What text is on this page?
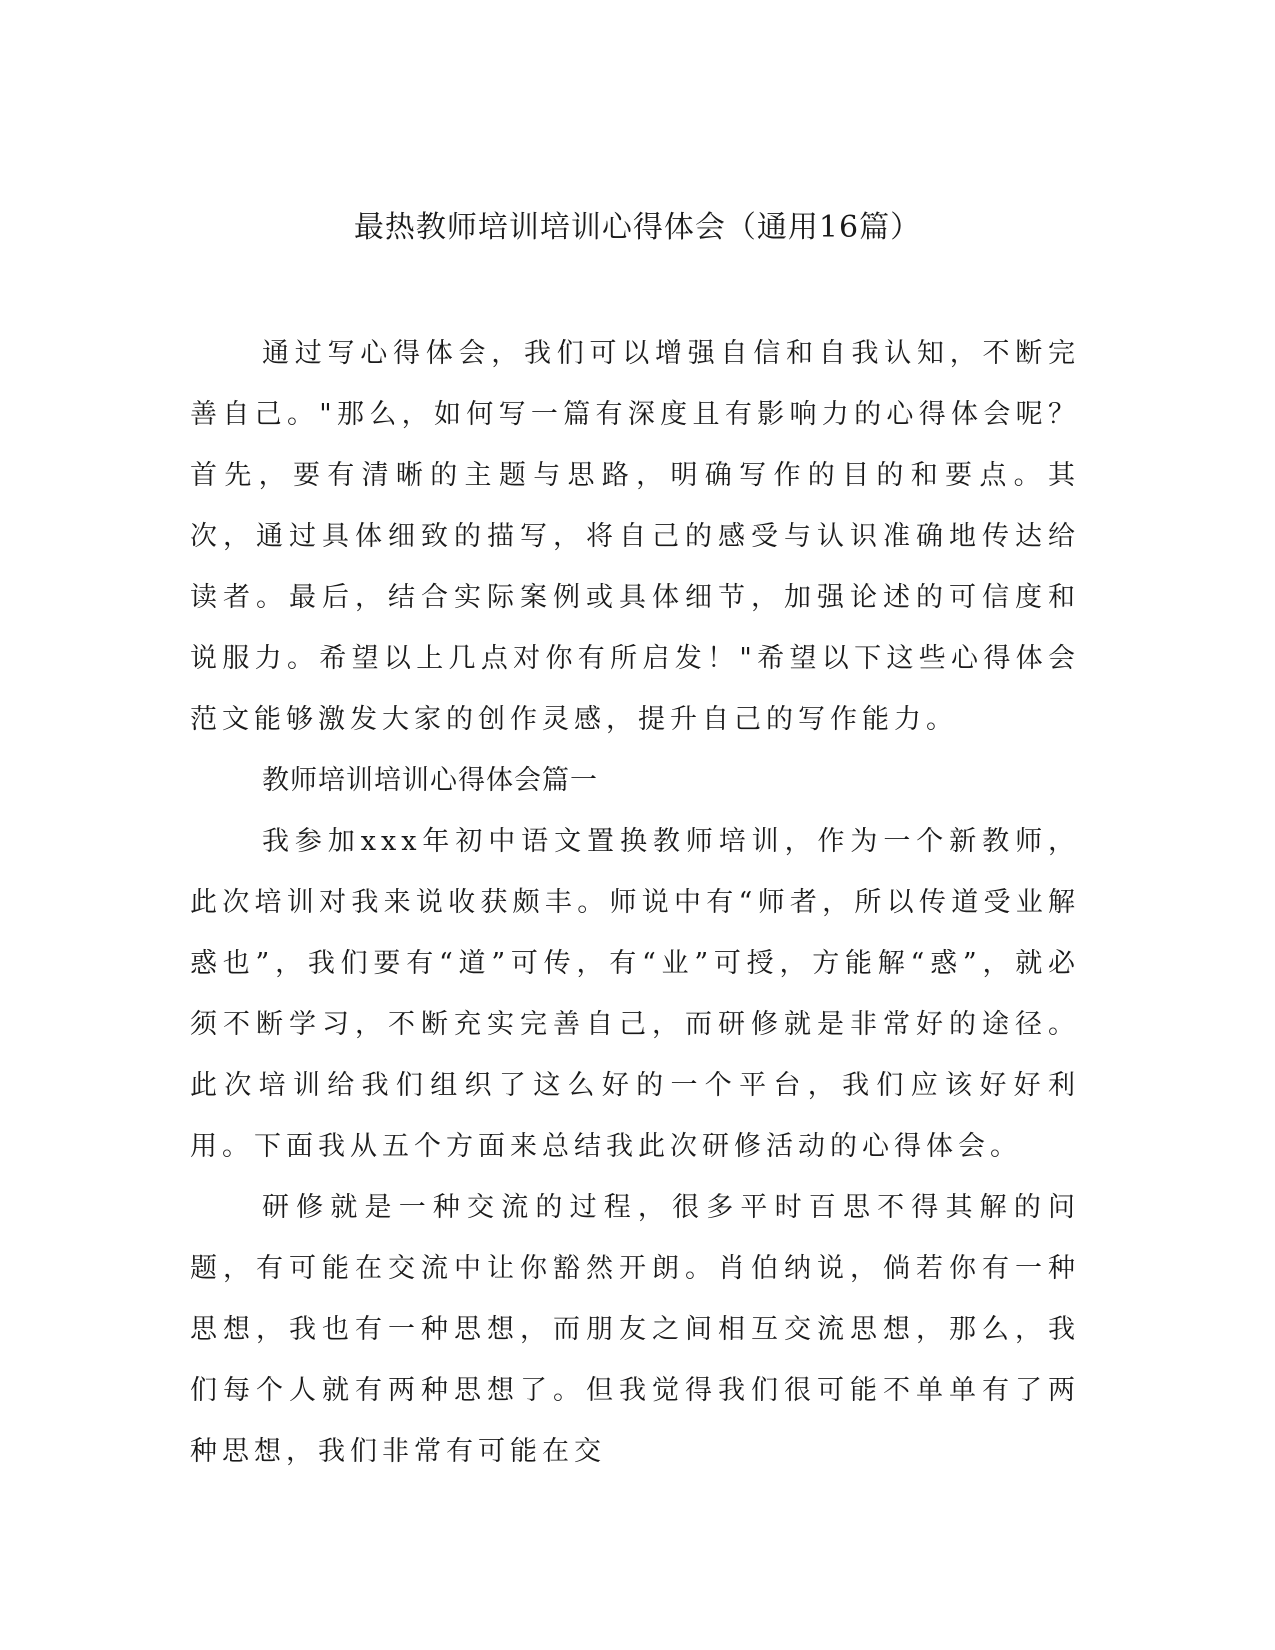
最热教师培训培训心得体会（通用16篇）

通过写心得体会，我们可以增强自信和自我认知，不断完善自己。"那么，如何写一篇有深度且有影响力的心得体会呢？首先，要有清晰的主题与思路，明确写作的目的和要点。其次，通过具体细致的描写，将自己的感受与认识准确地传达给读者。最后，结合实际案例或具体细节，加强论述的可信度和说服力。希望以上几点对你有所启发！"希望以下这些心得体会范文能够激发大家的创作灵感，提升自己的写作能力。

教师培训培训心得体会篇一

我参加xxx年初中语文置换教师培训，作为一个新教师，此次培训对我来说收获颇丰。师说中有“师者，所以传道受业解惑也”，我们要有“道”可传，有“业”可授，方能解“惑”，就必须不断学习，不断充实完善自己，而研修就是非常好的途径。此次培训给我们组织了这么好的一个平台，我们应该好好利用。下面我从五个方面来总结我此次研修活动的心得体会。

研修就是一种交流的过程，很多平时百思不得其解的问题，有可能在交流中让你豁然开朗。肖伯纳说，倘若你有一种思想，我也有一种思想，而朋友之间相互交流思想，那么，我们每个人就有两种思想了。但我觉得我们很可能不单单有了两种思想，我们非常有可能在交
